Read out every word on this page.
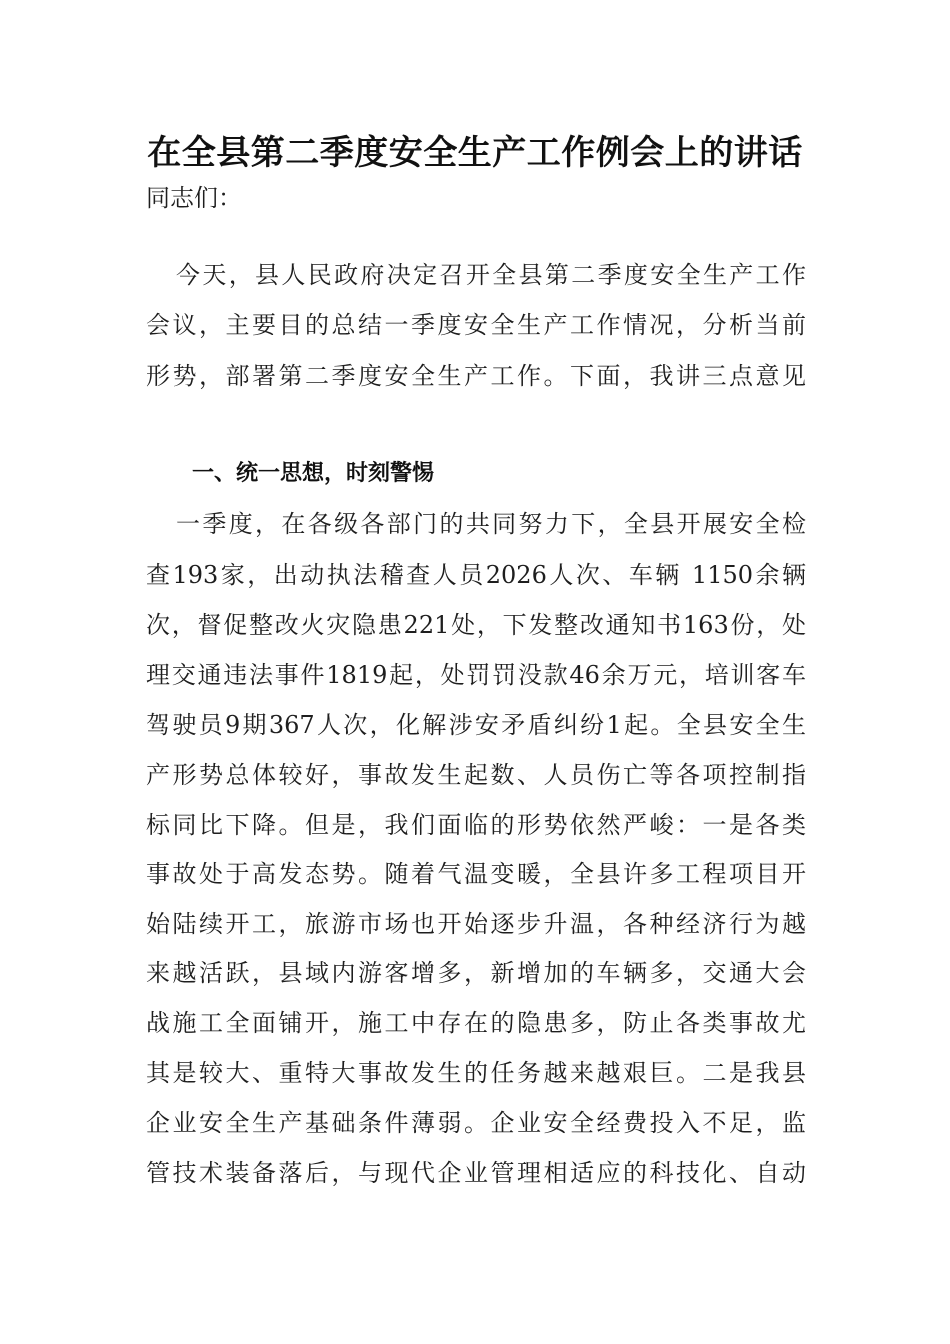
在全县第二季度安全生产工作例会上的讲话
同志们：
今天，县人民政府决定召开全县第二季度安全生产工作
会议，主要目的总结一季度安全生产工作情况，分析当前
形势，部署第二季度安全生产工作。下面，我讲三点意见
一、统一思想，时刻警惕
一季度，在各级各部门的共同努力下，全县开展安全检
查193家，出动执法稽查人员2026人次、车辆 1150余辆
次，督促整改火灾隐患221处，下发整改通知书163份，处
理交通违法事件1819起，处罚罚没款46余万元，培训客车
驾驶员9期367人次，化解涉安矛盾纠纷1起。全县安全生
产形势总体较好，事故发生起数、人员伤亡等各项控制指
标同比下降。但是，我们面临的形势依然严峻：一是各类
事故处于高发态势。随着气温变暖，全县许多工程项目开
始陆续开工，旅游市场也开始逐步升温，各种经济行为越
来越活跃，县域内游客增多，新增加的车辆多，交通大会
战施工全面铺开，施工中存在的隐患多，防止各类事故尤
其是较大、重特大事故发生的任务越来越艰巨。二是我县
企业安全生产基础条件薄弱。企业安全经费投入不足，监
管技术装备落后，与现代企业管理相适应的科技化、自动
